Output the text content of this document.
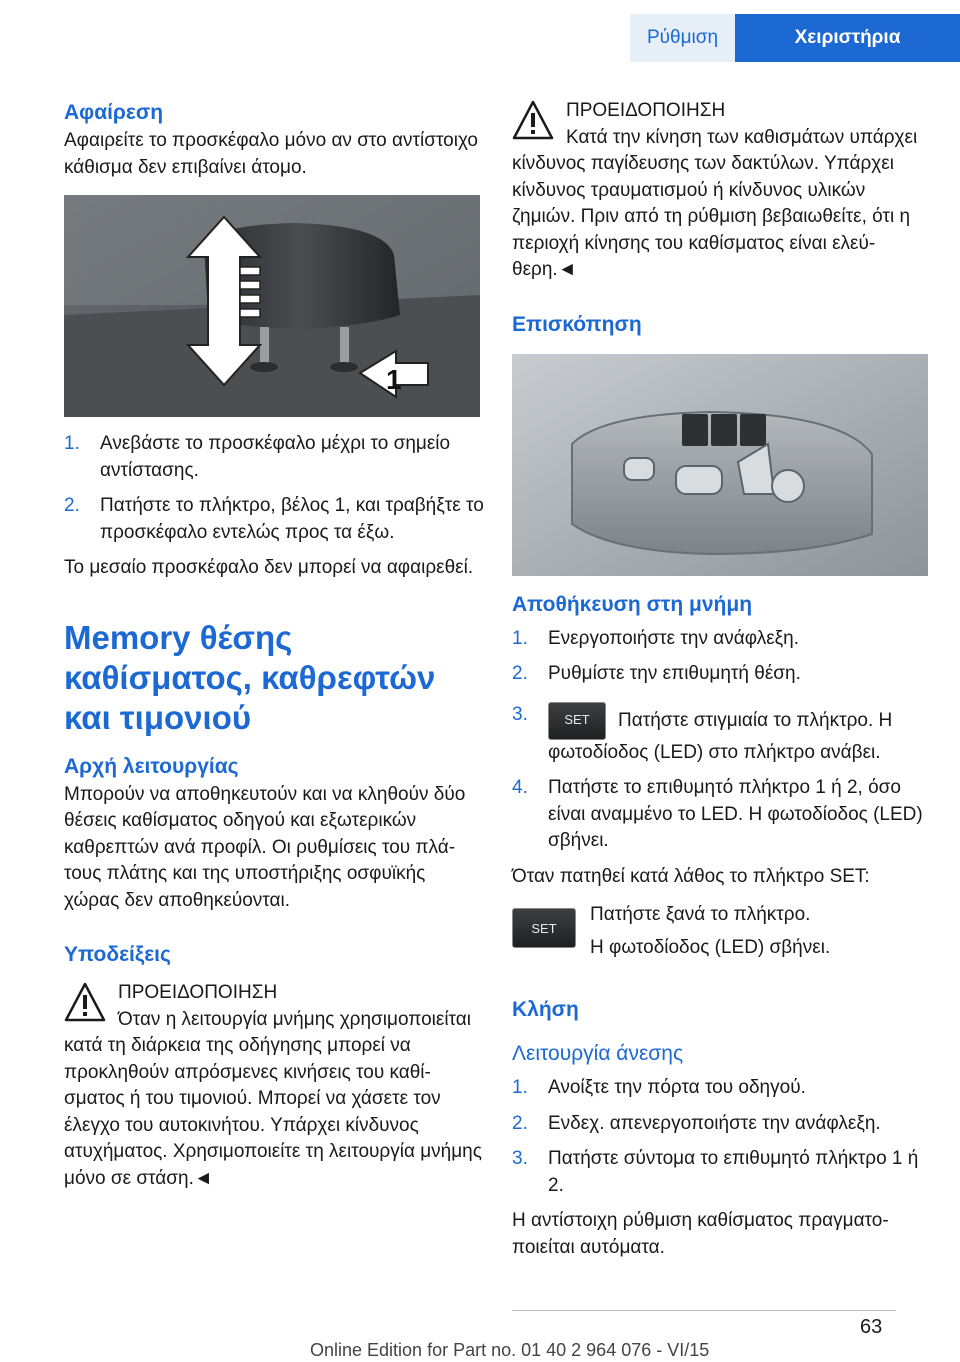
Ρύθμιση	Χειριστήρια
Αφαίρεση

Αφαιρείτε το προσκέφαλο μόνο αν στο αντίστοιχο κάθισμα δεν επιβαίνει άτομο.

1
1.	Ανεβάστε το προσκέφαλο μέχρι το σημείο αντίστασης.
2.	Πατήστε το πλήκτρο, βέλος 1, και τραβήξτε το προσκέφαλο εντελώς προς τα έξω.

Το μεσαίο προσκέφαλο δεν μπορεί να αφαιρεθεί.

Memory θέσης καθίσματος, καθρεφτών και τιμονιού
Αρχή λειτουργίας

Μπορούν να αποθηκευτούν και να κληθούν δύο θέσεις καθίσματος οδηγού και εξωτερικών καθρεπτών ανά προφίλ. Οι ρυθμίσεις του πλάτους πλάτης και της υποστήριξης οσφυϊκής χώρας δεν αποθηκεύονται.

Υποδείξεις
ΠΡΟΕΙΔΟΠΟΙΗΣΗ
Όταν η λειτουργία μνήμης χρησιμοποιείται κατά τη διάρκεια της οδήγησης μπορεί να προκληθούν απρόσμενες κινήσεις του καθίσματος ή του τιμονιού. Μπορεί να χάσετε τον έλεγχο του αυτοκινήτου. Υπάρχει κίνδυνος ατυχήματος. Χρησιμοποιείτε τη λειτουργία μνήμης μόνο σε στάση.◄
ΠΡΟΕΙΔΟΠΟΙΗΣΗ
Κατά την κίνηση των καθισμάτων υπάρχει κίνδυνος παγίδευσης των δακτύλων. Υπάρχει κίνδυνος τραυματισμού ή κίνδυνος υλικών ζημιών. Πριν από τη ρύθμιση βεβαιωθείτε, ότι η περιοχή κίνησης του καθίσματος είναι ελεύθερη.◄
Επισκόπηση
Αποθήκευση στη μνήμη
1.	Ενεργοποιήστε την ανάφλεξη.
2.	Ρυθμίστε την επιθυμητή θέση.
3.	SET Πατήστε στιγμιαία το πλήκτρο. Η φωτοδίοδος (LED) στο πλήκτρο ανάβει.
4.	Πατήστε το επιθυμητό πλήκτρο 1 ή 2, όσο είναι αναμμένο το LED. Η φωτοδίοδος (LED) σβήνει.

Όταν πατηθεί κατά λάθος το πλήκτρο SET:

SET

Πατήστε ξανά το πλήκτρο.

Η φωτοδίοδος (LED) σβήνει.

Κλήση
Λειτουργία άνεσης
1.	Ανοίξτε την πόρτα του οδηγού.
2.	Ενδεχ. απενεργοποιήστε την ανάφλεξη.
3.	Πατήστε σύντομα το επιθυμητό πλήκτρο 1 ή 2.

Η αντίστοιχη ρύθμιση καθίσματος πραγματοποιείται αυτόματα.

63
Online Edition for Part no. 01 40 2 964 076 - VI/15
